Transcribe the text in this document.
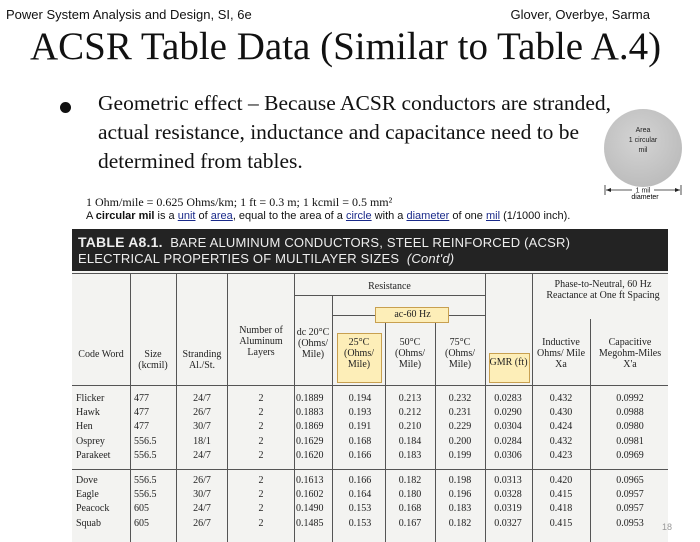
Power System Analysis and Design, SI, 6e	Glover, Overbye, Sarma
ACSR Table Data (Similar to Table A.4)
Geometric effect – Because ACSR conductors are stranded, actual resistance, inductance and capacitance need to be determined from tables.
Area
1 circular
mil
1 mil
diameter
1 Ohm/mile = 0.625 Ohms/km; 1 ft = 0.3 m; 1 kcmil = 0.5 mm²
A circular mil is a unit of area, equal to the area of a circle with a diameter of one mil (1/1000 inch).
TABLE A8.1. BARE ALUMINUM CONDUCTORS, STEEL REINFORCED (ACSR)
ELECTRICAL PROPERTIES OF MULTILAYER SIZES (Cont'd)
Resistance
ac-60 Hz
Phase-to-Neutral, 60 Hz Reactance at One ft Spacing
Code Word	Size (kcmil)
Stranding Al./St.
Number of Aluminum Layers
dc 20°C (Ohms/ Mile)
25°C (Ohms/ Mile)
50°C (Ohms/ Mile)
75°C (Ohms/ Mile)	GMR (ft)
Inductive Ohms/ Mile Xa
Capacitive Megohm-Miles X'a
Flicker	477	24/7	2	0.1889	0.194	0.213	0.232	0.0283	0.432	0.0992
Hawk	477	26/7	2	0.1883	0.193	0.212	0.231	0.0290	0.430	0.0988
Hen	477	30/7	2	0.1869	0.191	0.210	0.229	0.0304	0.424	0.0980
Osprey	556.5	18/1	2	0.1629	0.168	0.184	0.200	0.0284	0.432	0.0981
Parakeet	556.5	24/7	2	0.1620	0.166	0.183	0.199	0.0306	0.423	0.0969
Dove	556.5	26/7	2	0.1613	0.166	0.182	0.198	0.0313	0.420	0.0965
Eagle	556.5	30/7	2	0.1602	0.164	0.180	0.196	0.0328	0.415	0.0957
Peacock	605	24/7	2	0.1490	0.153	0.168	0.183	0.0319	0.418	0.0957
Squab	605	26/7	2	0.1485	0.153	0.167	0.182	0.0327	0.415	0.0953	18
